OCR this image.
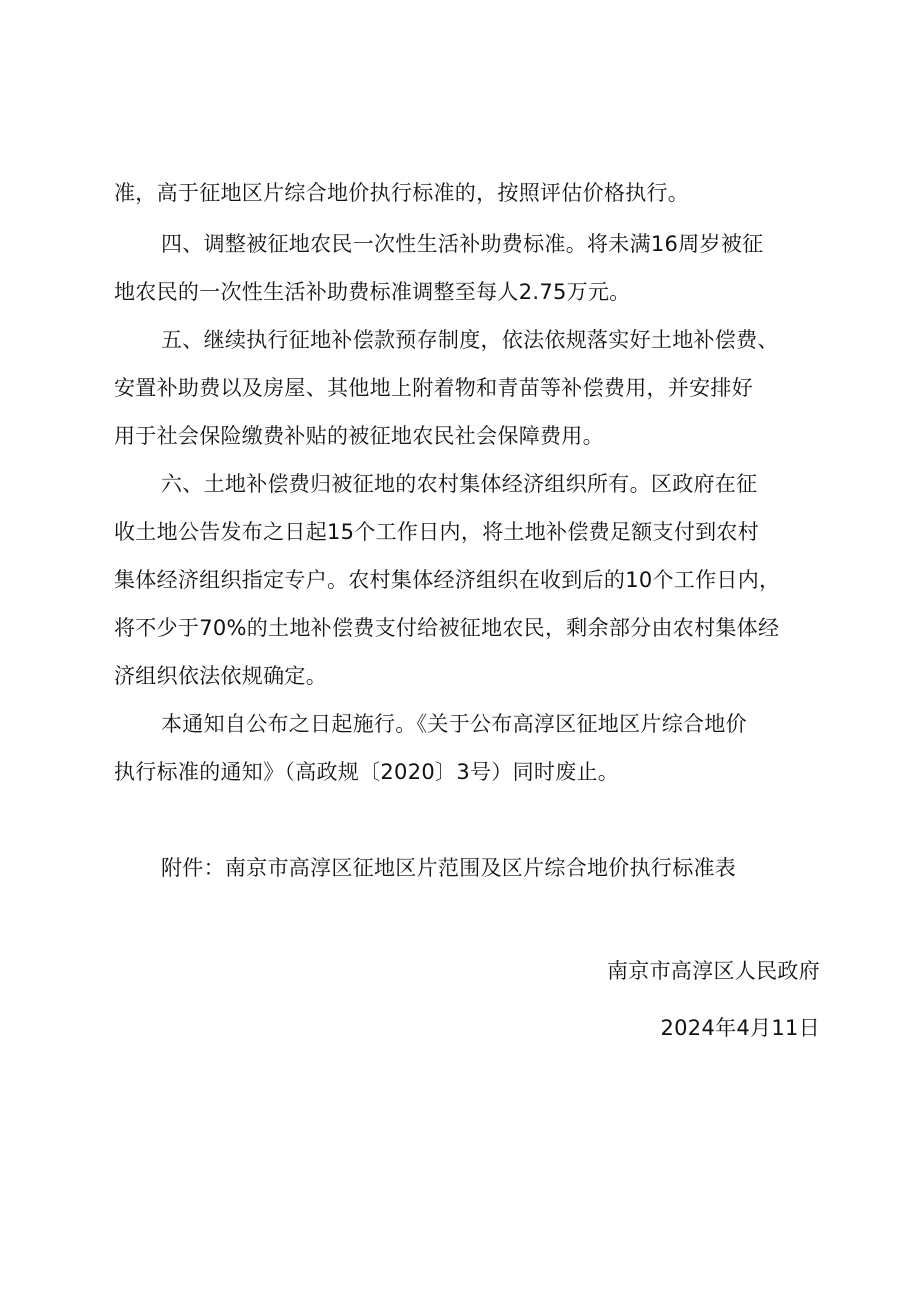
准，高于征地区片综合地价执行标准的，按照评估价格执行。
四、调整被征地农民一次性生活补助费标准。将未满16周岁被征
地农民的一次性生活补助费标准调整至每人2.75万元。
五、继续执行征地补偿款预存制度，依法依规落实好土地补偿费、
安置补助费以及房屋、其他地上附着物和青苗等补偿费用，并安排好
用于社会保险缴费补贴的被征地农民社会保障费用。
六、土地补偿费归被征地的农村集体经济组织所有。区政府在征
收土地公告发布之日起15个工作日内，将土地补偿费足额支付到农村
集体经济组织指定专户。农村集体经济组织在收到后的10个工作日内，
将不少于70%的土地补偿费支付给被征地农民，剩余部分由农村集体经
济组织依法依规确定。
本通知自公布之日起施行。《关于公布高淳区征地区片综合地价
执行标准的通知》（高政规〔2020〕3号）同时废止。
附件：南京市高淳区征地区片范围及区片综合地价执行标准表
南京市高淳区人民政府
2024年4月11日
